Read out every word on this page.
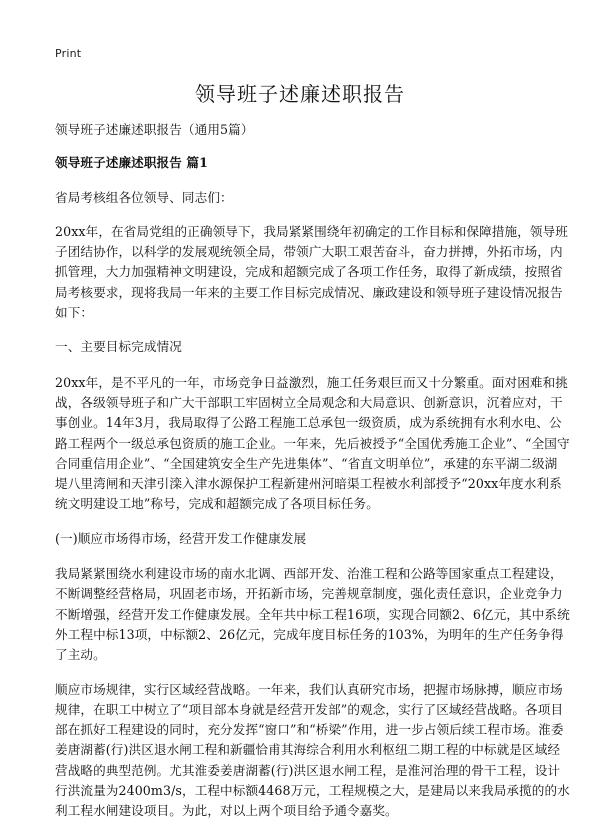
Print
领导班子述廉述职报告

领导班子述廉述职报告（通用5篇）

领导班子述廉述职报告 篇1

省局考核组各位领导、同志们：

20xx年，在省局党组的正确领导下，我局紧紧围绕年初确定的工作目标和保障措施，领导班子团结协作，以科学的发展观统领全局，带领广大职工艰苦奋斗，奋力拼搏，外拓市场，内抓管理，大力加强精神文明建设，完成和超额完成了各项工作任务，取得了新成绩，按照省局考核要求，现将我局一年来的主要工作目标完成情况、廉政建设和领导班子建设情况报告如下：

一、主要目标完成情况

20xx年，是不平凡的一年，市场竞争日益激烈，施工任务艰巨而又十分繁重。面对困难和挑战，各级领导班子和广大干部职工牢固树立全局观念和大局意识、创新意识，沉着应对，干事创业。14年3月，我局取得了公路工程施工总承包一级资质，成为系统拥有水利水电、公路工程两个一级总承包资质的施工企业。一年来，先后被授予“全国优秀施工企业”、“全国守合同重信用企业”、“全国建筑安全生产先进集体”、“省直文明单位”，承建的东平湖二级湖堤八里湾闸和天津引滦入津水源保护工程新建州河暗渠工程被水利部授予“20xx年度水利系统文明建设工地”称号，完成和超额完成了各项目标任务。

(一)顺应市场得市场，经营开发工作健康发展

我局紧紧围绕水利建设市场的南水北调、西部开发、治淮工程和公路等国家重点工程建设，不断调整经营格局，巩固老市场，开拓新市场，完善规章制度，强化责任意识，企业竞争力不断增强，经营开发工作健康发展。全年共中标工程16项，实现合同额2、6亿元，其中系统外工程中标13项，中标额2、26亿元，完成年度目标任务的103%，为明年的生产任务争得了主动。

顺应市场规律，实行区域经营战略。一年来，我们认真研究市场，把握市场脉搏，顺应市场规律，在职工中树立了“项目部本身就是经营开发部”的观念，实行了区域经营战略。各项目部在抓好工程建设的同时，充分发挥“窗口”和“桥梁”作用，进一步占领后续工程市场。淮委姜唐湖蓄(行)洪区退水闸工程和新疆恰甫其海综合利用水利枢纽二期工程的中标就是区域经营战略的典型范例。尤其淮委姜唐湖蓄(行)洪区退水闸工程，是淮河治理的骨干工程，设计行洪流量为2400m3/s，工程中标额4468万元，工程规模之大，是建局以来我局承揽的的水利工程水闸建设项目。为此，对以上两个项目给予通令嘉奖。
